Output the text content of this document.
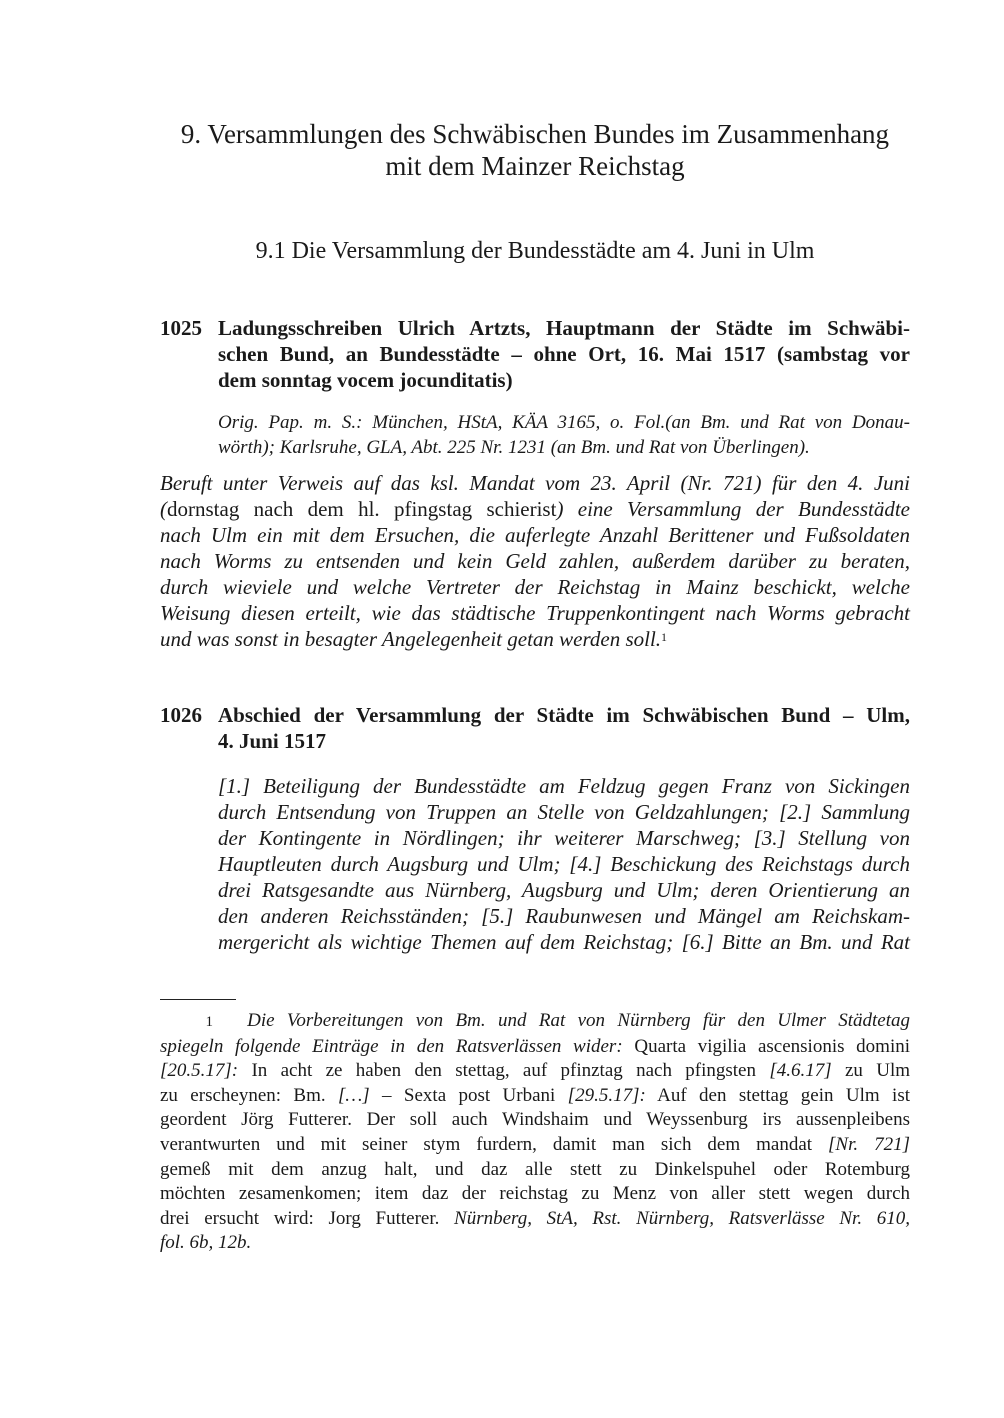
9. Versammlungen des Schwäbischen Bundes im Zusammenhang
mit dem Mainzer Reichstag
9.1 Die Versammlung der Bundesstädte am 4. Juni in Ulm
1025 Ladungsschreiben Ulrich Artzts, Hauptmann der Städte im Schwäbi-
schen Bund, an Bundesstädte – ohne Ort, 16. Mai 1517 (sambstag vor
dem sonntag vocem jocunditatis)
Orig. Pap. m. S.: München, HStA, KÄA 3165, o. Fol.(an Bm. und Rat von Donau-
wörth); Karlsruhe, GLA, Abt. 225 Nr. 1231 (an Bm. und Rat von Überlingen).
Beruft unter Verweis auf das ksl. Mandat vom 23. April (Nr. 721) für den 4. Juni
(dornstag nach dem hl. pfingstag schierist) eine Versammlung der Bundesstädte
nach Ulm ein mit dem Ersuchen, die auferlegte Anzahl Berittener und Fußsoldaten
nach Worms zu entsenden und kein Geld zahlen, außerdem darüber zu beraten,
durch wieviele und welche Vertreter der Reichstag in Mainz beschickt, welche
Weisung diesen erteilt, wie das städtische Truppenkontingent nach Worms gebracht
und was sonst in besagter Angelegenheit getan werden soll.$^1$
1026 Abschied der Versammlung der Städte im Schwäbischen Bund – Ulm,
4. Juni 1517
[1.] Beteiligung der Bundesstädte am Feldzug gegen Franz von Sickingen
durch Entsendung von Truppen an Stelle von Geldzahlungen; [2.] Sammlung
der Kontingente in Nördlingen; ihr weiterer Marschweg; [3.] Stellung von
Hauptleuten durch Augsburg und Ulm; [4.] Beschickung des Reichstags durch
drei Ratsgesandte aus Nürnberg, Augsburg und Ulm; deren Orientierung an
den anderen Reichsständen; [5.] Raubunwesen und Mängel am Reichskam-
mergericht als wichtige Themen auf dem Reichstag; [6.] Bitte an Bm. und Rat
1   Die Vorbereitungen von Bm. und Rat von Nürnberg für den Ulmer Städtetag
spiegeln folgende Einträge in den Ratsverlässen wider: Quarta vigilia ascensionis domini
[20.5.17]: In acht ze haben den stettag, auf pfinztag nach pfingsten [4.6.17] zu Ulm
zu erscheynen: Bm. […] – Sexta post Urbani [29.5.17]: Auf den stettag gein Ulm ist
geordent Jörg Futterer. Der soll auch Windshaim und Weyssenburg irs aussenpleibens
verantwurten und mit seiner stym furdern, damit man sich dem mandat [Nr. 721]
gemeß mit dem anzug halt, und daz alle stett zu Dinkelspuhel oder Rotemburg
möchten zesamenkomen; item daz der reichstag zu Menz von aller stett wegen durch
drei ersucht wird: Jorg Futterer. Nürnberg, StA, Rst. Nürnberg, Ratsverlässe Nr. 610,
fol. 6b, 12b.
